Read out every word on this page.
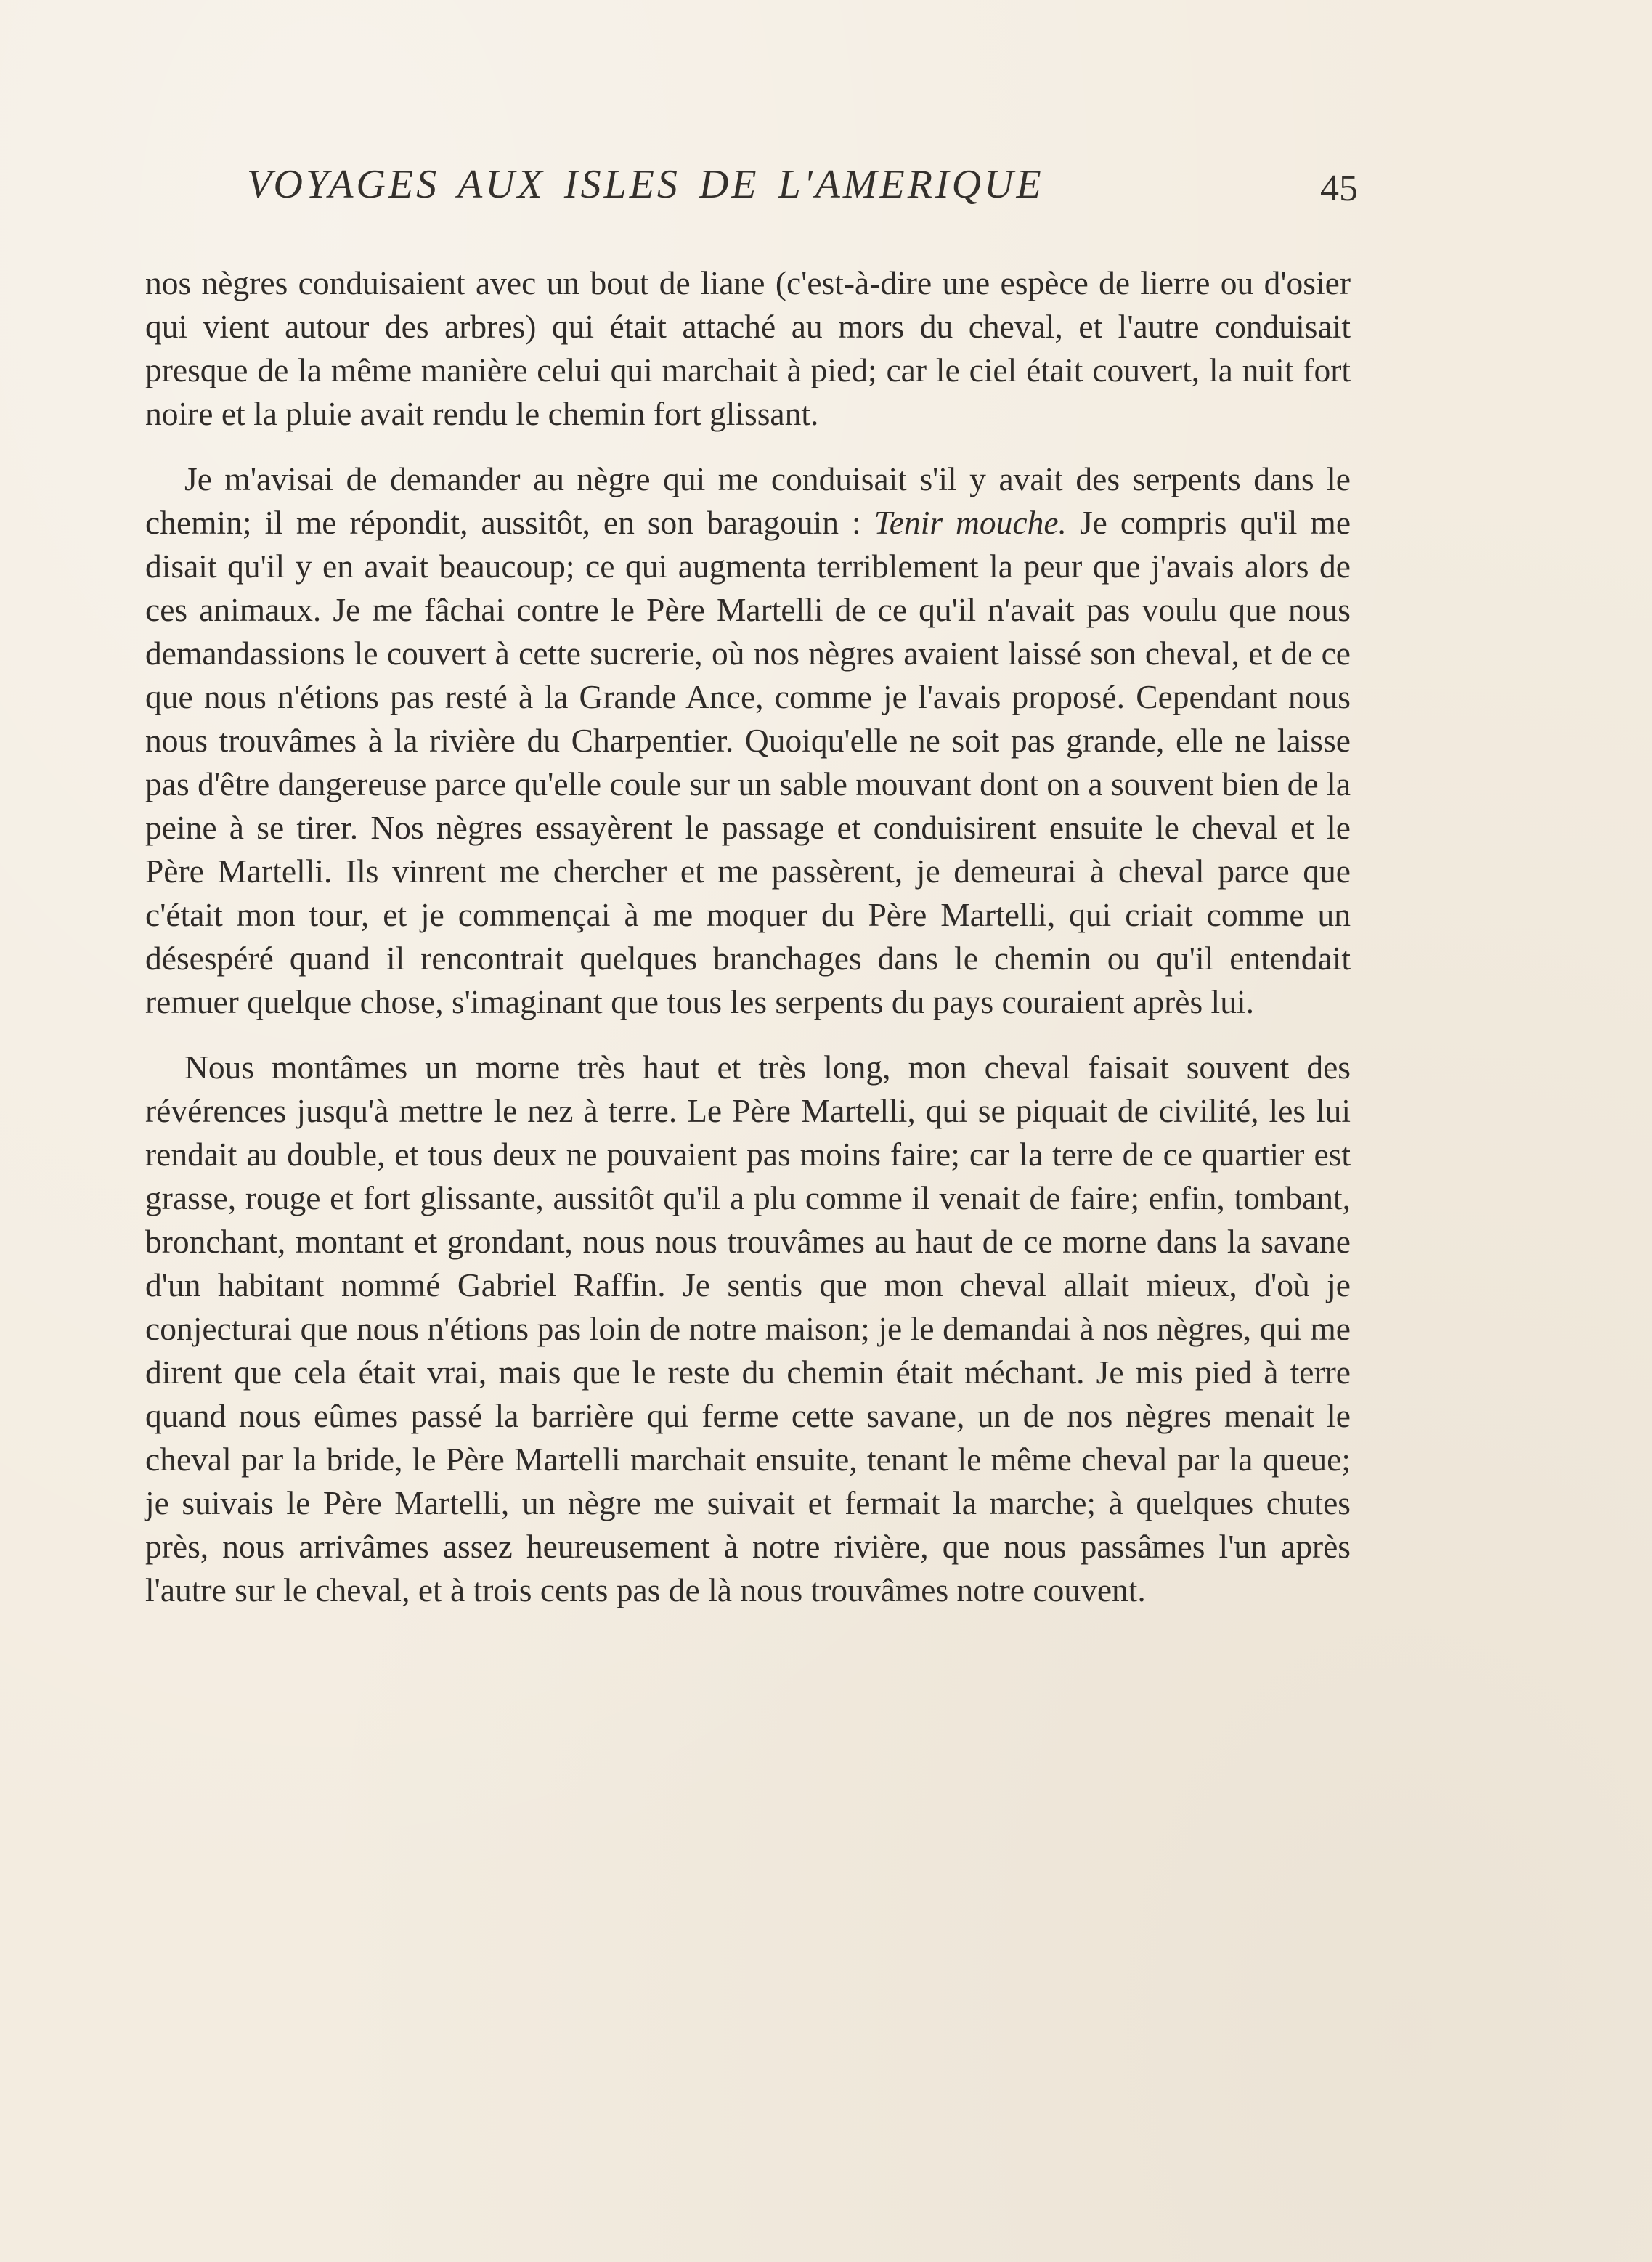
VOYAGES AUX ISLES DE L'AMERIQUE	45

nos nègres conduisaient avec un bout de liane (c'est-à-dire une espèce de lierre ou d'osier qui vient autour des arbres) qui était attaché au mors du cheval, et l'autre conduisait presque de la même manière celui qui marchait à pied; car le ciel était couvert, la nuit fort noire et la pluie avait rendu le chemin fort glissant.

Je m'avisai de demander au nègre qui me conduisait s'il y avait des serpents dans le chemin; il me répondit, aussitôt, en son baragouin : Tenir mouche. Je compris qu'il me disait qu'il y en avait beaucoup; ce qui augmenta terriblement la peur que j'avais alors de ces animaux. Je me fâchai contre le Père Martelli de ce qu'il n'avait pas voulu que nous demandassions le couvert à cette sucrerie, où nos nègres avaient laissé son cheval, et de ce que nous n'étions pas resté à la Grande Ance, comme je l'avais proposé. Cependant nous nous trouvâmes à la rivière du Charpentier. Quoiqu'elle ne soit pas grande, elle ne laisse pas d'être dangereuse parce qu'elle coule sur un sable mouvant dont on a souvent bien de la peine à se tirer. Nos nègres essayèrent le passage et conduisirent ensuite le cheval et le Père Martelli. Ils vinrent me chercher et me passèrent, je demeurai à cheval parce que c'était mon tour, et je commençai à me moquer du Père Martelli, qui criait comme un désespéré quand il rencontrait quelques branchages dans le chemin ou qu'il entendait remuer quelque chose, s'imaginant que tous les serpents du pays couraient après lui.

Nous montâmes un morne très haut et très long, mon cheval faisait souvent des révérences jusqu'à mettre le nez à terre. Le Père Martelli, qui se piquait de civilité, les lui rendait au double, et tous deux ne pouvaient pas moins faire; car la terre de ce quartier est grasse, rouge et fort glissante, aussitôt qu'il a plu comme il venait de faire; enfin, tombant, bronchant, montant et grondant, nous nous trouvâmes au haut de ce morne dans la savane d'un habitant nommé Gabriel Raffin. Je sentis que mon cheval allait mieux, d'où je conjecturai que nous n'étions pas loin de notre maison; je le demandai à nos nègres, qui me dirent que cela était vrai, mais que le reste du chemin était méchant. Je mis pied à terre quand nous eûmes passé la barrière qui ferme cette savane, un de nos nègres menait le cheval par la bride, le Père Martelli marchait ensuite, tenant le même cheval par la queue; je suivais le Père Martelli, un nègre me suivait et fermait la marche; à quelques chutes près, nous arrivâmes assez heureusement à notre rivière, que nous passâmes l'un après l'autre sur le cheval, et à trois cents pas de là nous trouvâmes notre couvent.
